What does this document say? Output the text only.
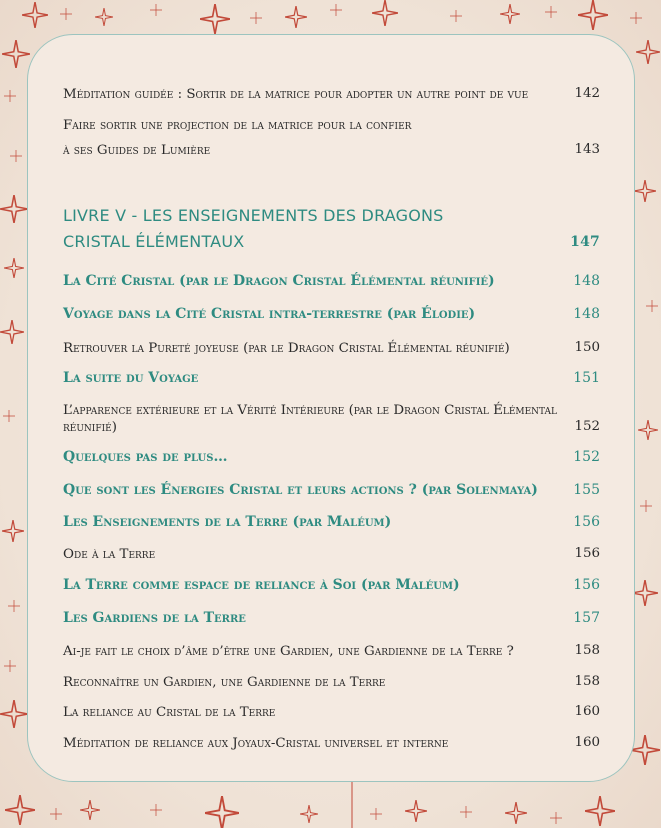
Méditation guidée : Sortir de la matrice pour adopter un autre point de vue	142
Faire sortir une projection de la matrice pour la confier
à ses Guides de Lumière	143
LIVRE V - LES ENSEIGNEMENTS DES DRAGONS
CRISTAL ÉLÉMENTAUX	147
La Cité Cristal (par le Dragon Cristal Élémental réunifié)	148
Voyage dans la Cité Cristal intra-terrestre (par Élodie)	148
Retrouver la Pureté joyeuse (par le Dragon Cristal Élémental réunifié)	150
La suite du Voyage	151
L’apparence extérieure et la Vérité Intérieure (par le Dragon Cristal Élémental réunifié)	152
Quelques pas de plus…	152
Que sont les Énergies Cristal et leurs actions ? (par Solenmaya)	155
Les Enseignements de la Terre (par Maléum)	156
Ode à la Terre	156
La Terre comme espace de reliance à Soi (par Maléum)	156
Les Gardiens de la Terre	157
Ai-je fait le choix d’âme d’être une Gardien, une Gardienne de la Terre ?	158
Reconnaître un Gardien, une Gardienne de la Terre	158
La reliance au Cristal de la Terre	160
Méditation de reliance aux Joyaux-Cristal universel et interne	160
